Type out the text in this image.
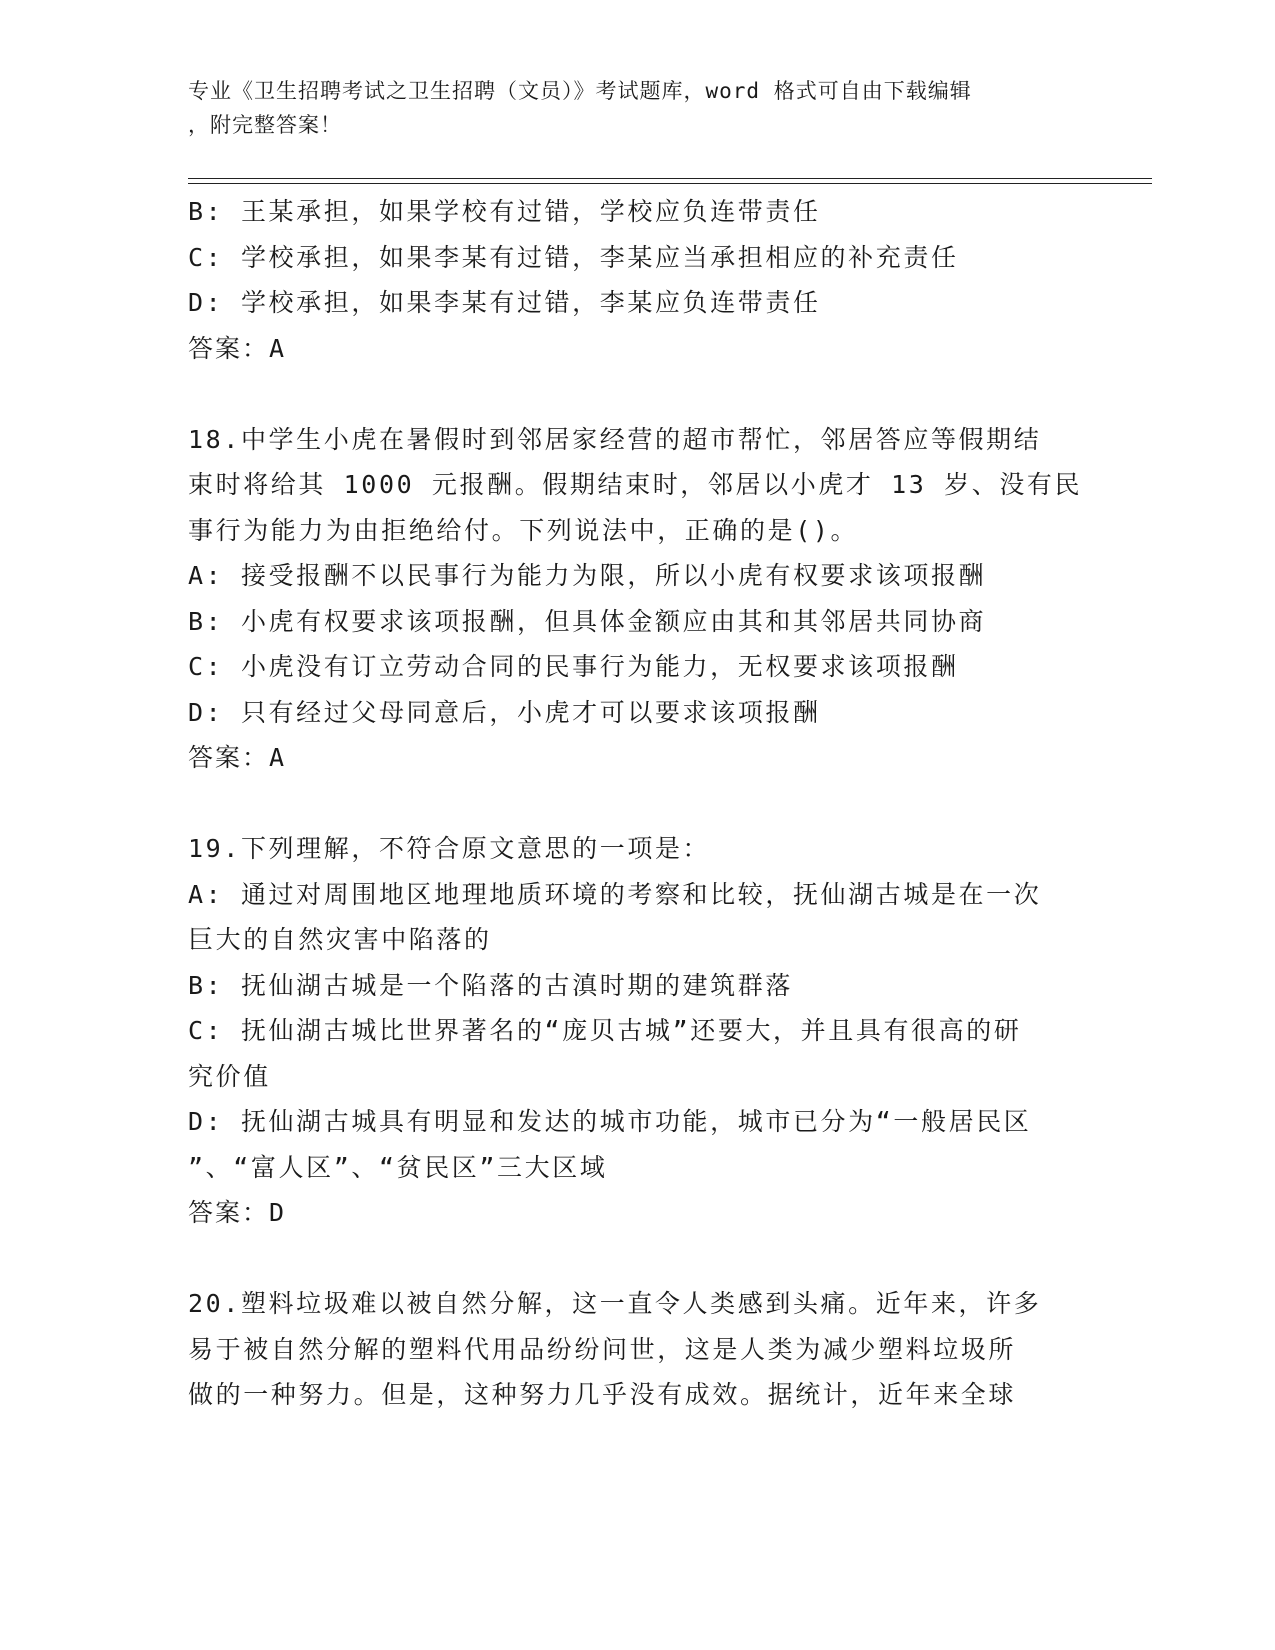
专业《卫生招聘考试之卫生招聘（文员）》考试题库，word 格式可自由下载编辑
，附完整答案！
B: 王某承担，如果学校有过错，学校应负连带责任
C: 学校承担，如果李某有过错，李某应当承担相应的补充责任
D: 学校承担，如果李某有过错，李某应负连带责任
答案：A
18.中学生小虎在暑假时到邻居家经营的超市帮忙，邻居答应等假期结
束时将给其 1000 元报酬。假期结束时，邻居以小虎才 13 岁、没有民
事行为能力为由拒绝给付。下列说法中，正确的是()。
A: 接受报酬不以民事行为能力为限，所以小虎有权要求该项报酬
B: 小虎有权要求该项报酬，但具体金额应由其和其邻居共同协商
C: 小虎没有订立劳动合同的民事行为能力，无权要求该项报酬
D: 只有经过父母同意后，小虎才可以要求该项报酬
答案：A
19.下列理解，不符合原文意思的一项是：
A: 通过对周围地区地理地质环境的考察和比较，抚仙湖古城是在一次
巨大的自然灾害中陷落的
B: 抚仙湖古城是一个陷落的古滇时期的建筑群落
C: 抚仙湖古城比世界著名的“庞贝古城”还要大，并且具有很高的研
究价值
D: 抚仙湖古城具有明显和发达的城市功能，城市已分为“一般居民区
”、“富人区”、“贫民区”三大区域
答案：D
20.塑料垃圾难以被自然分解，这一直令人类感到头痛。近年来，许多
易于被自然分解的塑料代用品纷纷问世，这是人类为减少塑料垃圾所
做的一种努力。但是，这种努力几乎没有成效。据统计，近年来全球
